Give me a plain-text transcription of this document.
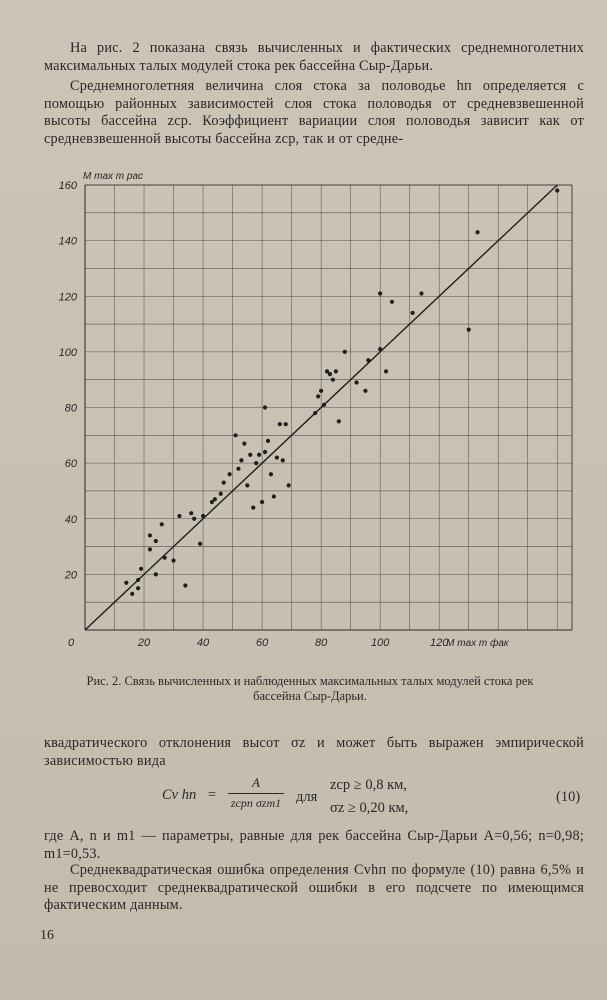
На рис. 2 показана связь вычисленных и фактических среднемноголетних максимальных талых модулей стока рек бассейна Сыр-Дарьи.
Среднемноголетняя величина слоя стока за половодье hп определяется с помощью районных зависимостей слоя стока половодья от средневзвешенной высоты бассейна zср. Коэффициент вариации слоя половодья зависит как от средневзвешенной высоты бассейна zср, так и от средне-
20
40
60
80
100
120
140
160
20	40	60	80	100	120
0
M max т рас
M max т фак
Рис. 2. Связь вычисленных и наблюденных максимальных талых модулей стока рек бассейна Сыр-Дарьи.
квадратического отклонения высот σz и может быть выражен эмпирической зависимостью вида
Cv hп =
A
zсрn σzm1 для
zср ≥ 0,8 км,
σz ≥ 0,20 км,
(10)
где A, n и m1 — параметры, равные для рек бассейна Сыр-Дарьи A=0,56; n=0,98; m1=0,53.
Среднеквадратическая ошибка определения Cvhп по формуле (10) равна 6,5% и не превосходит среднеквадратической ошибки в его подсчете по имеющимся фактическим данным.
16
